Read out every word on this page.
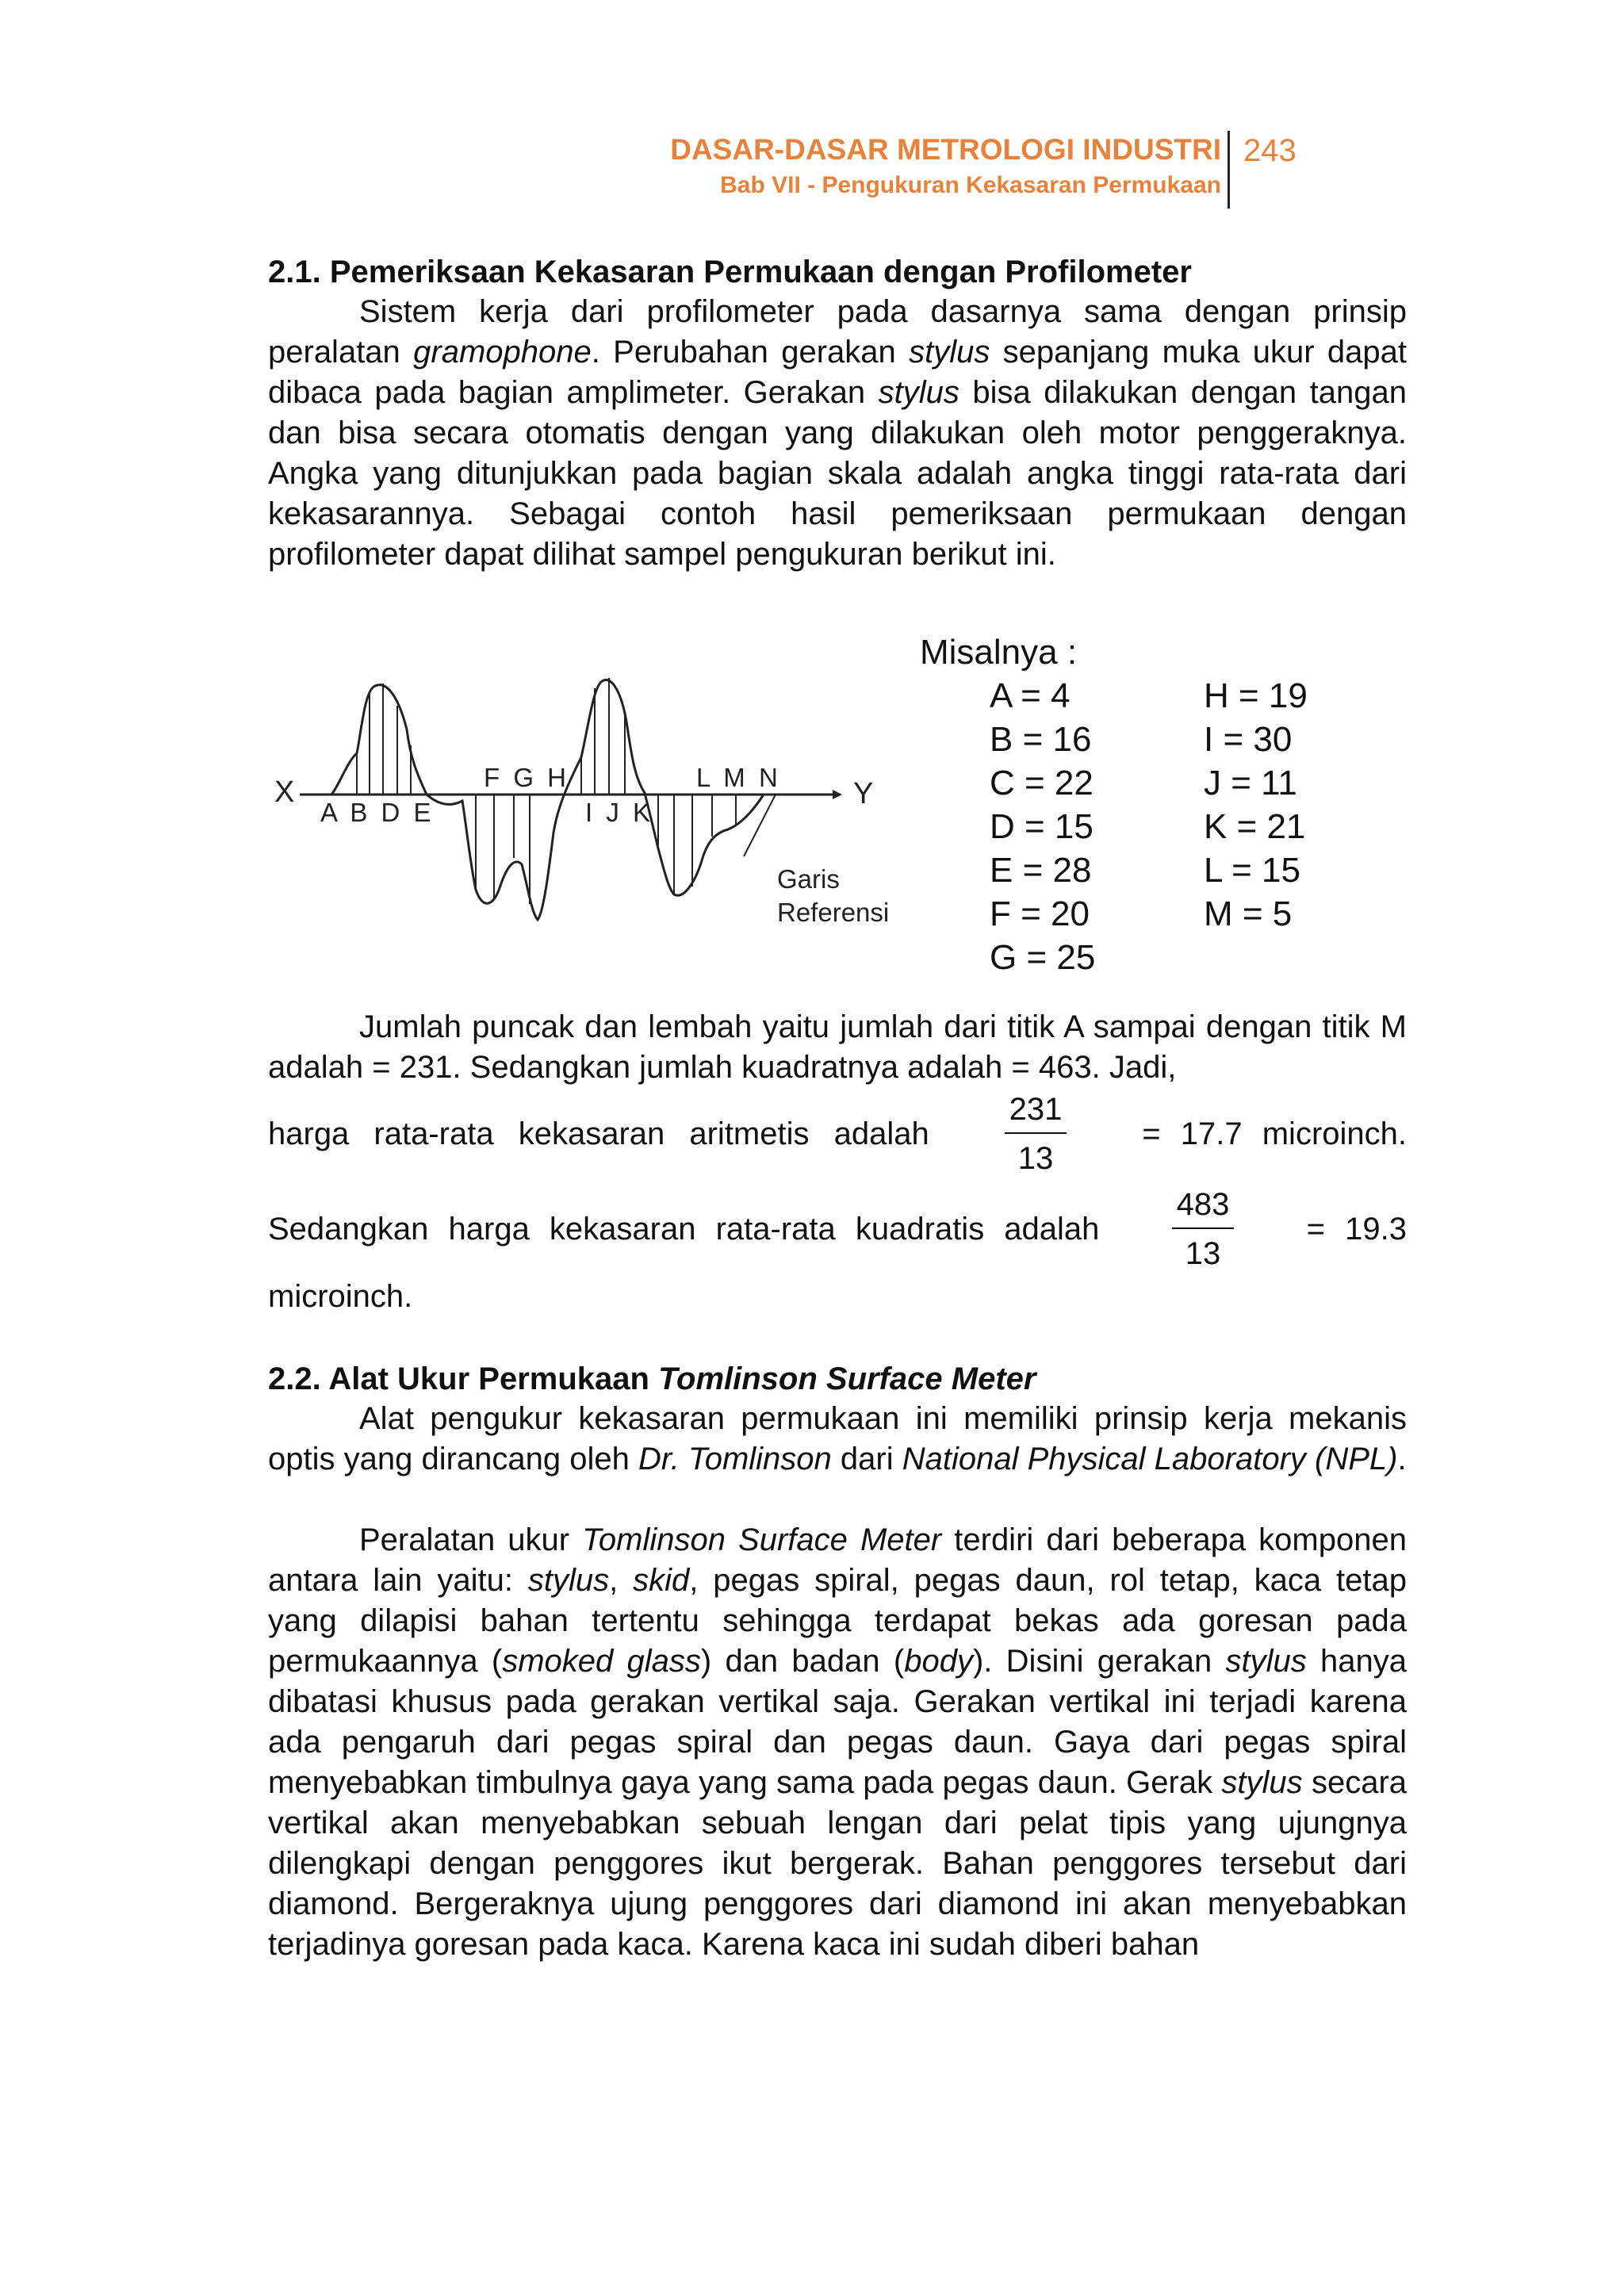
DASAR-DASAR METROLOGI INDUSTRI
Bab VII - Pengukuran Kekasaran Permukaan
243

2.1. Pemeriksaan Kekasaran Permukaan dengan Profilometer

Sistem kerja dari profilometer pada dasarnya sama dengan prinsip peralatan gramophone. Perubahan gerakan stylus sepanjang muka ukur dapat dibaca pada bagian amplimeter. Gerakan stylus bisa dilakukan dengan tangan dan bisa secara otomatis dengan yang dilakukan oleh motor penggeraknya. Angka yang ditunjukkan pada bagian skala adalah angka tinggi rata-rata dari kekasarannya. Sebagai contoh hasil pemeriksaan permukaan dengan profilometer dapat dilihat sampel pengukuran berikut ini.

X	Y
A B D E
F G H
I J K
L M N
Garis
Referensi
Misalnya :
A = 4	H = 19
B = 16	I = 30
C = 22	J = 11
D = 15	K = 21
E = 28	L = 15
F = 20	M = 5
G = 25

Jumlah puncak dan lembah yaitu jumlah dari titik A sampai dengan titik M adalah = 231. Sedangkan jumlah kuadratnya adalah = 463. Jadi,

harga rata-rata kekasaran aritmetis adalah $\frac{231}{13} = 17.7$ microinch.
Sedangkan harga kekasaran rata-rata kuadratis adalah $\frac{483}{13} = 19.3$

microinch.

2.2. Alat Ukur Permukaan Tomlinson Surface Meter

Alat pengukur kekasaran permukaan ini memiliki prinsip kerja mekanis optis yang dirancang oleh Dr. Tomlinson dari National Physical Laboratory (NPL).

Peralatan ukur Tomlinson Surface Meter terdiri dari beberapa komponen antara lain yaitu: stylus, skid, pegas spiral, pegas daun, rol tetap, kaca tetap yang dilapisi bahan tertentu sehingga terdapat bekas ada goresan pada permukaannya (smoked glass) dan badan (body). Disini gerakan stylus hanya dibatasi khusus pada gerakan vertikal saja. Gerakan vertikal ini terjadi karena ada pengaruh dari pegas spiral dan pegas daun. Gaya dari pegas spiral menyebabkan timbulnya gaya yang sama pada pegas daun. Gerak stylus secara vertikal akan menyebabkan sebuah lengan dari pelat tipis yang ujungnya dilengkapi dengan penggores ikut bergerak. Bahan penggores tersebut dari diamond. Bergeraknya ujung penggores dari diamond ini akan menyebabkan terjadinya goresan pada kaca. Karena kaca ini sudah diberi bahan
